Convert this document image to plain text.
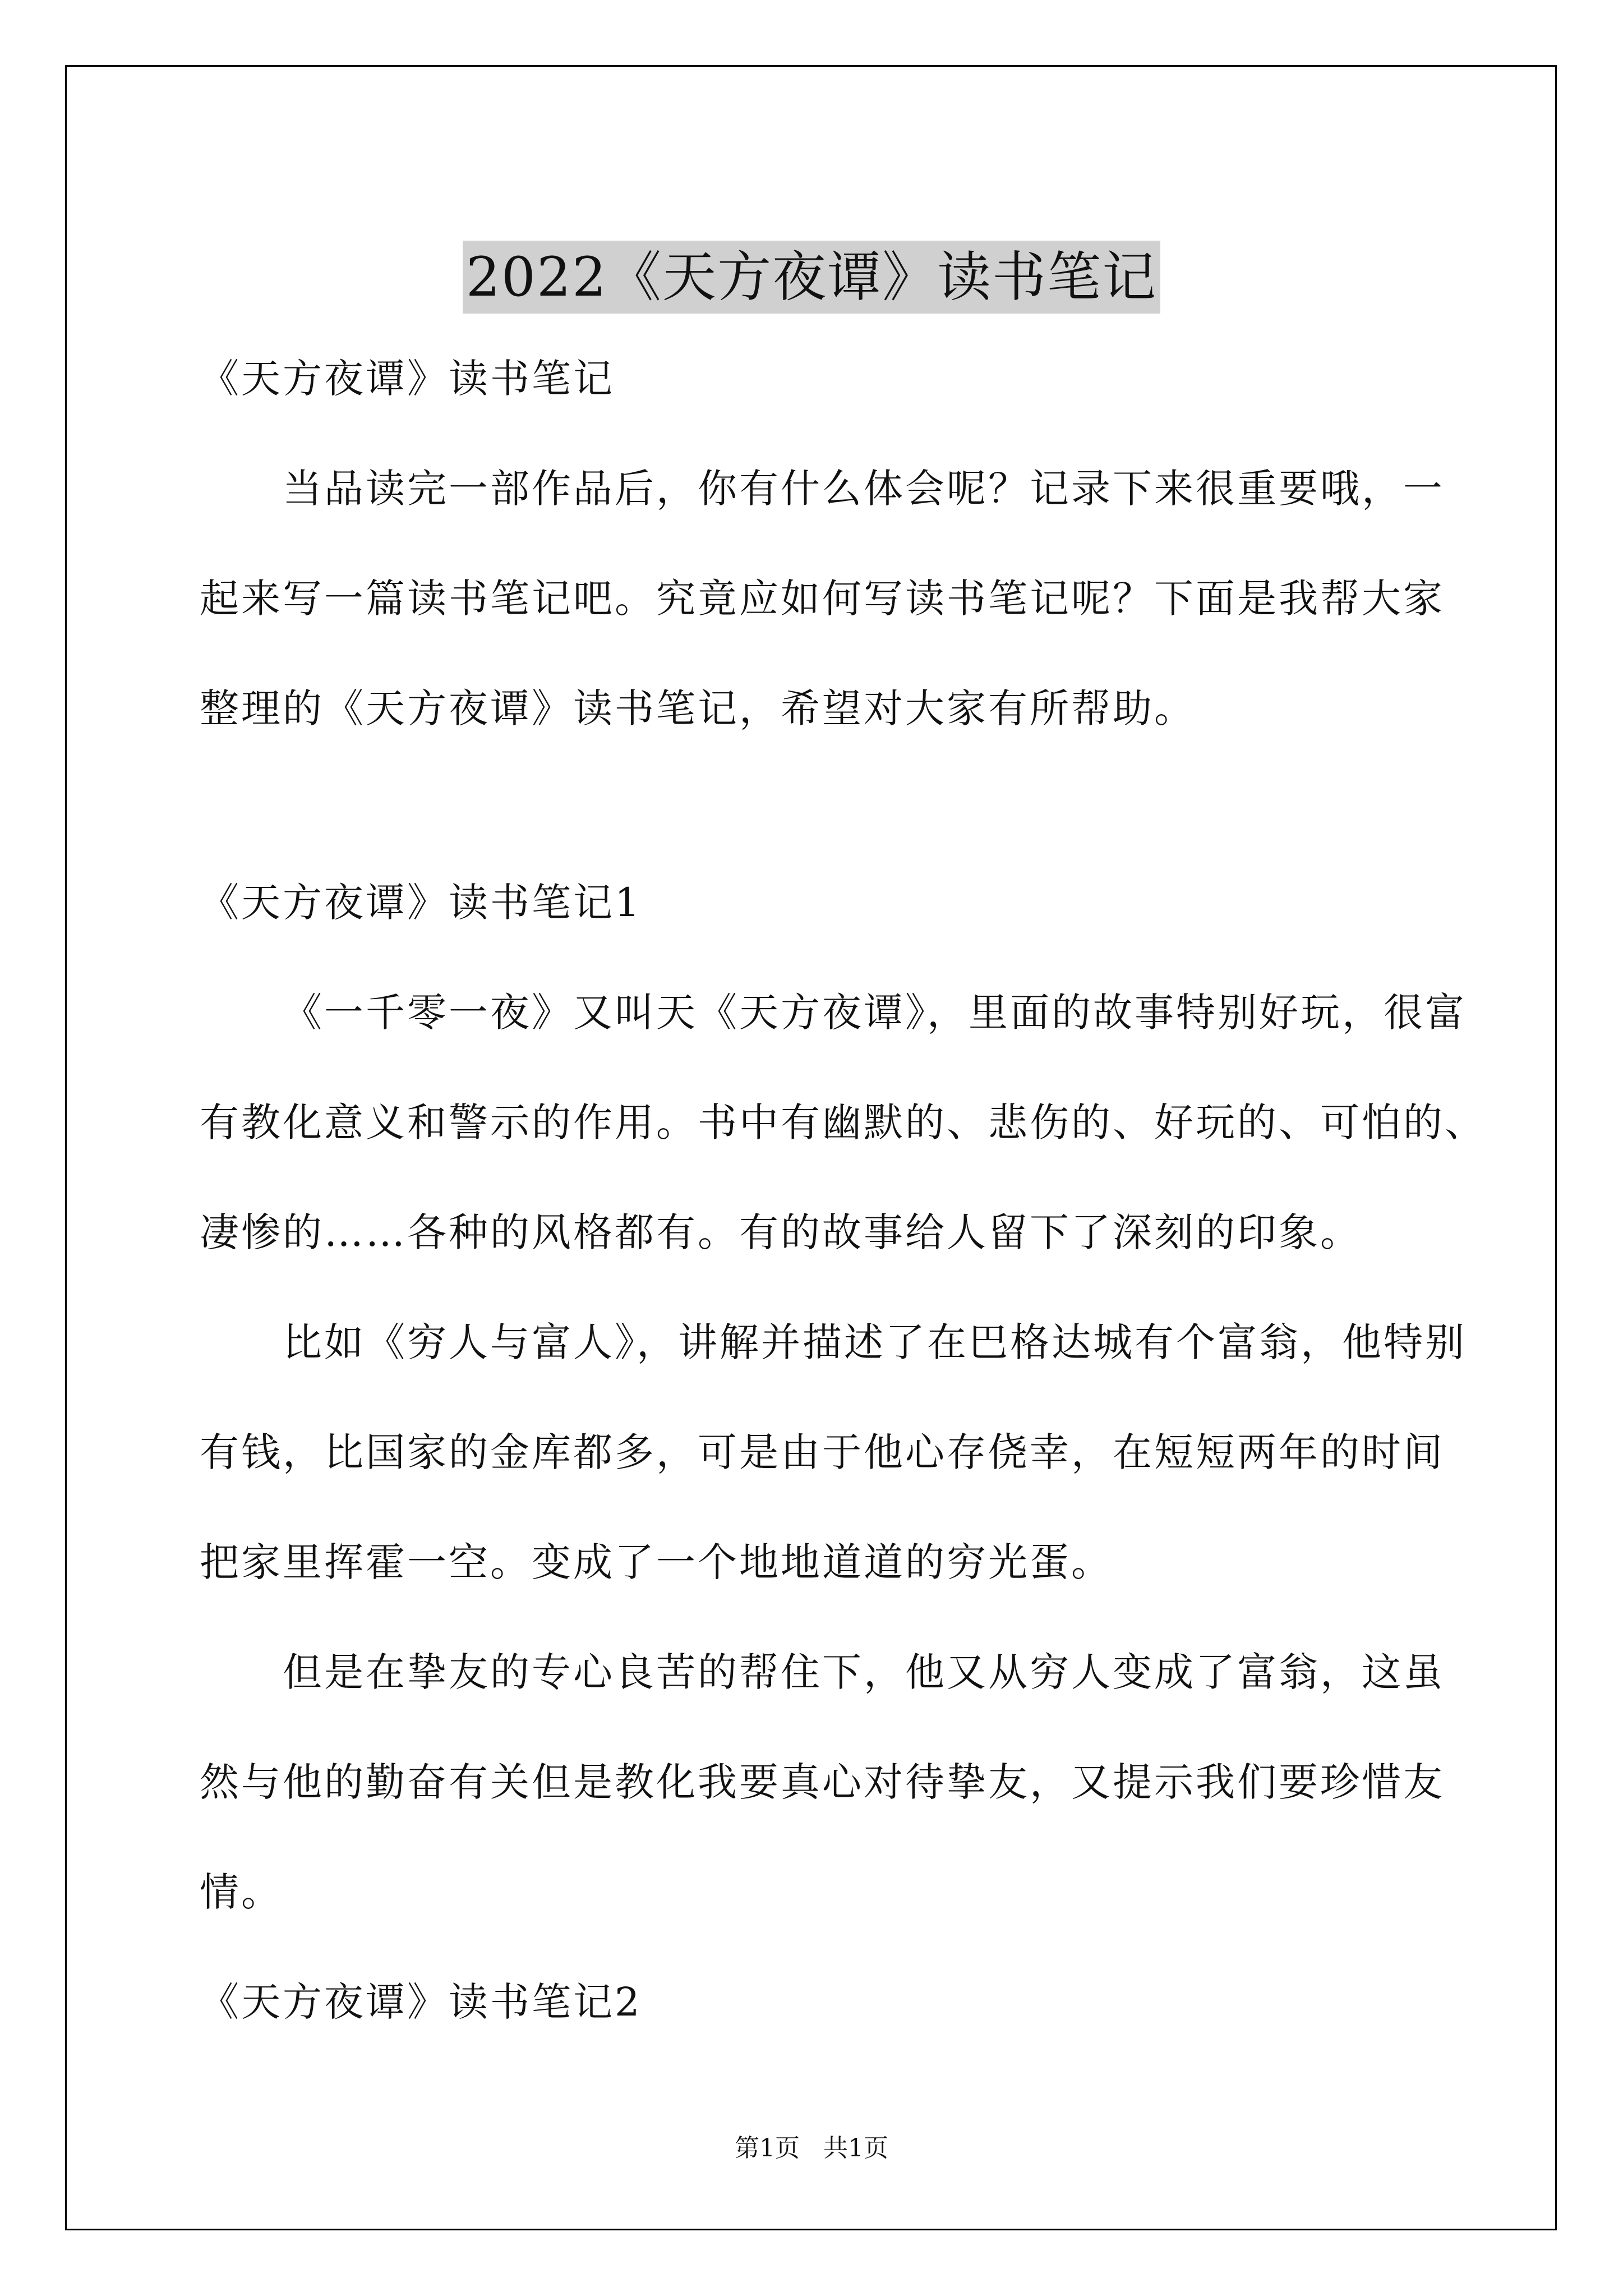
2022《天方夜谭》读书笔记
《天方夜谭》读书笔记
当品读完一部作品后，你有什么体会呢？记录下来很重要哦，一
起来写一篇读书笔记吧。究竟应如何写读书笔记呢？下面是我帮大家
整理的《天方夜谭》读书笔记，希望对大家有所帮助。
《天方夜谭》读书笔记1
《一千零一夜》又叫天《天方夜谭》，里面的故事特别好玩，很富
有教化意义和警示的作用。书中有幽默的、悲伤的、好玩的、可怕的、
凄惨的……各种的风格都有。有的故事给人留下了深刻的印象。
比如《穷人与富人》，讲解并描述了在巴格达城有个富翁，他特别
有钱，比国家的金库都多，可是由于他心存侥幸，在短短两年的时间
把家里挥霍一空。变成了一个地地道道的穷光蛋。
但是在挚友的专心良苦的帮住下，他又从穷人变成了富翁，这虽
然与他的勤奋有关但是教化我要真心对待挚友，又提示我们要珍惜友
情。
《天方夜谭》读书笔记2
第1页 共1页
